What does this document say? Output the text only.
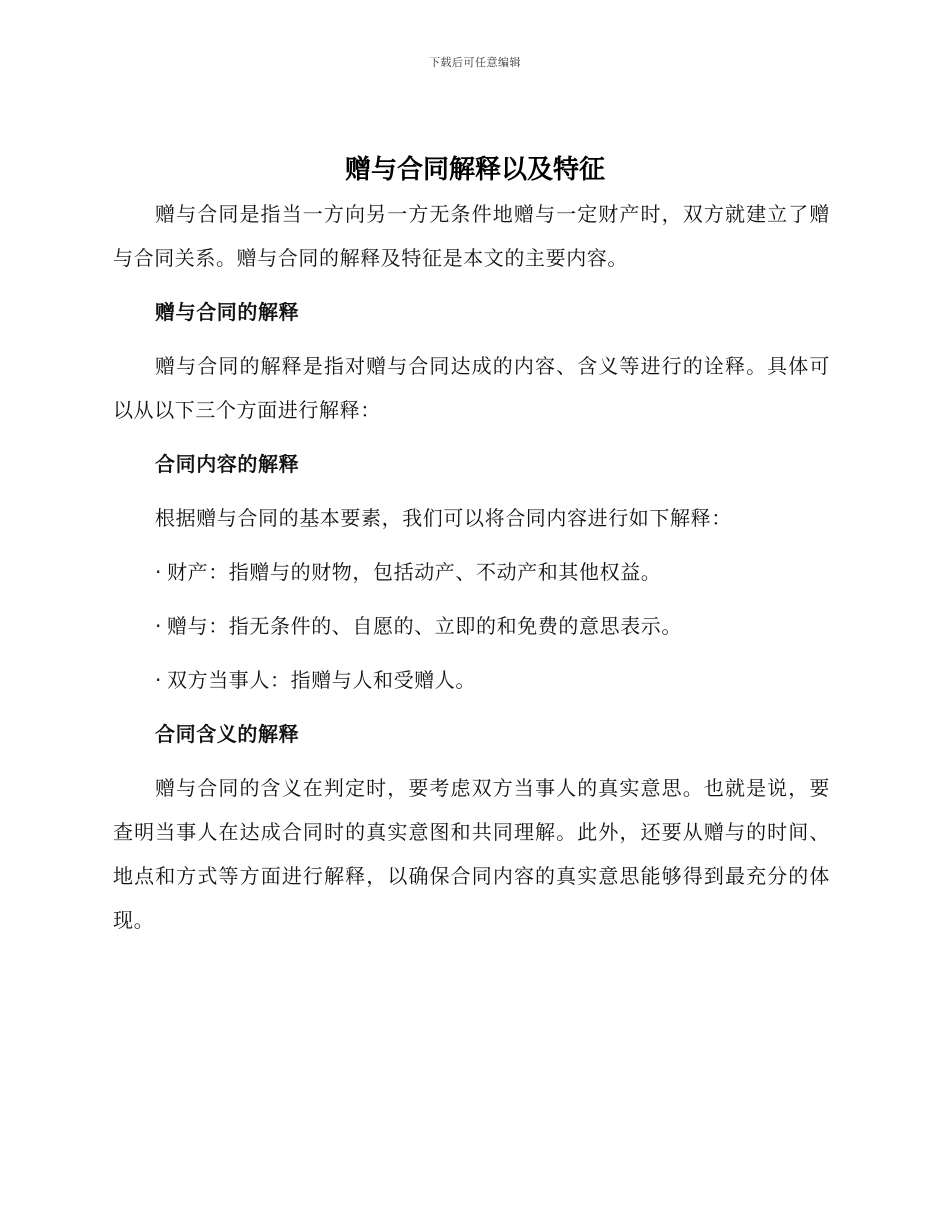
下载后可任意编辑
赠与合同解释以及特征

赠与合同是指当一方向另一方无条件地赠与一定财产时，双方就建立了赠与合同关系。赠与合同的解释及特征是本文的主要内容。

赠与合同的解释

赠与合同的解释是指对赠与合同达成的内容、含义等进行的诠释。具体可以从以下三个方面进行解释：

合同内容的解释

根据赠与合同的基本要素，我们可以将合同内容进行如下解释：

· 财产：指赠与的财物，包括动产、不动产和其他权益。
· 赠与：指无条件的、自愿的、立即的和免费的意思表示。
· 双方当事人：指赠与人和受赠人。
合同含义的解释

赠与合同的含义在判定时，要考虑双方当事人的真实意思。也就是说，要查明当事人在达成合同时的真实意图和共同理解。此外，还要从赠与的时间、地点和方式等方面进行解释，以确保合同内容的真实意思能够得到最充分的体现。
